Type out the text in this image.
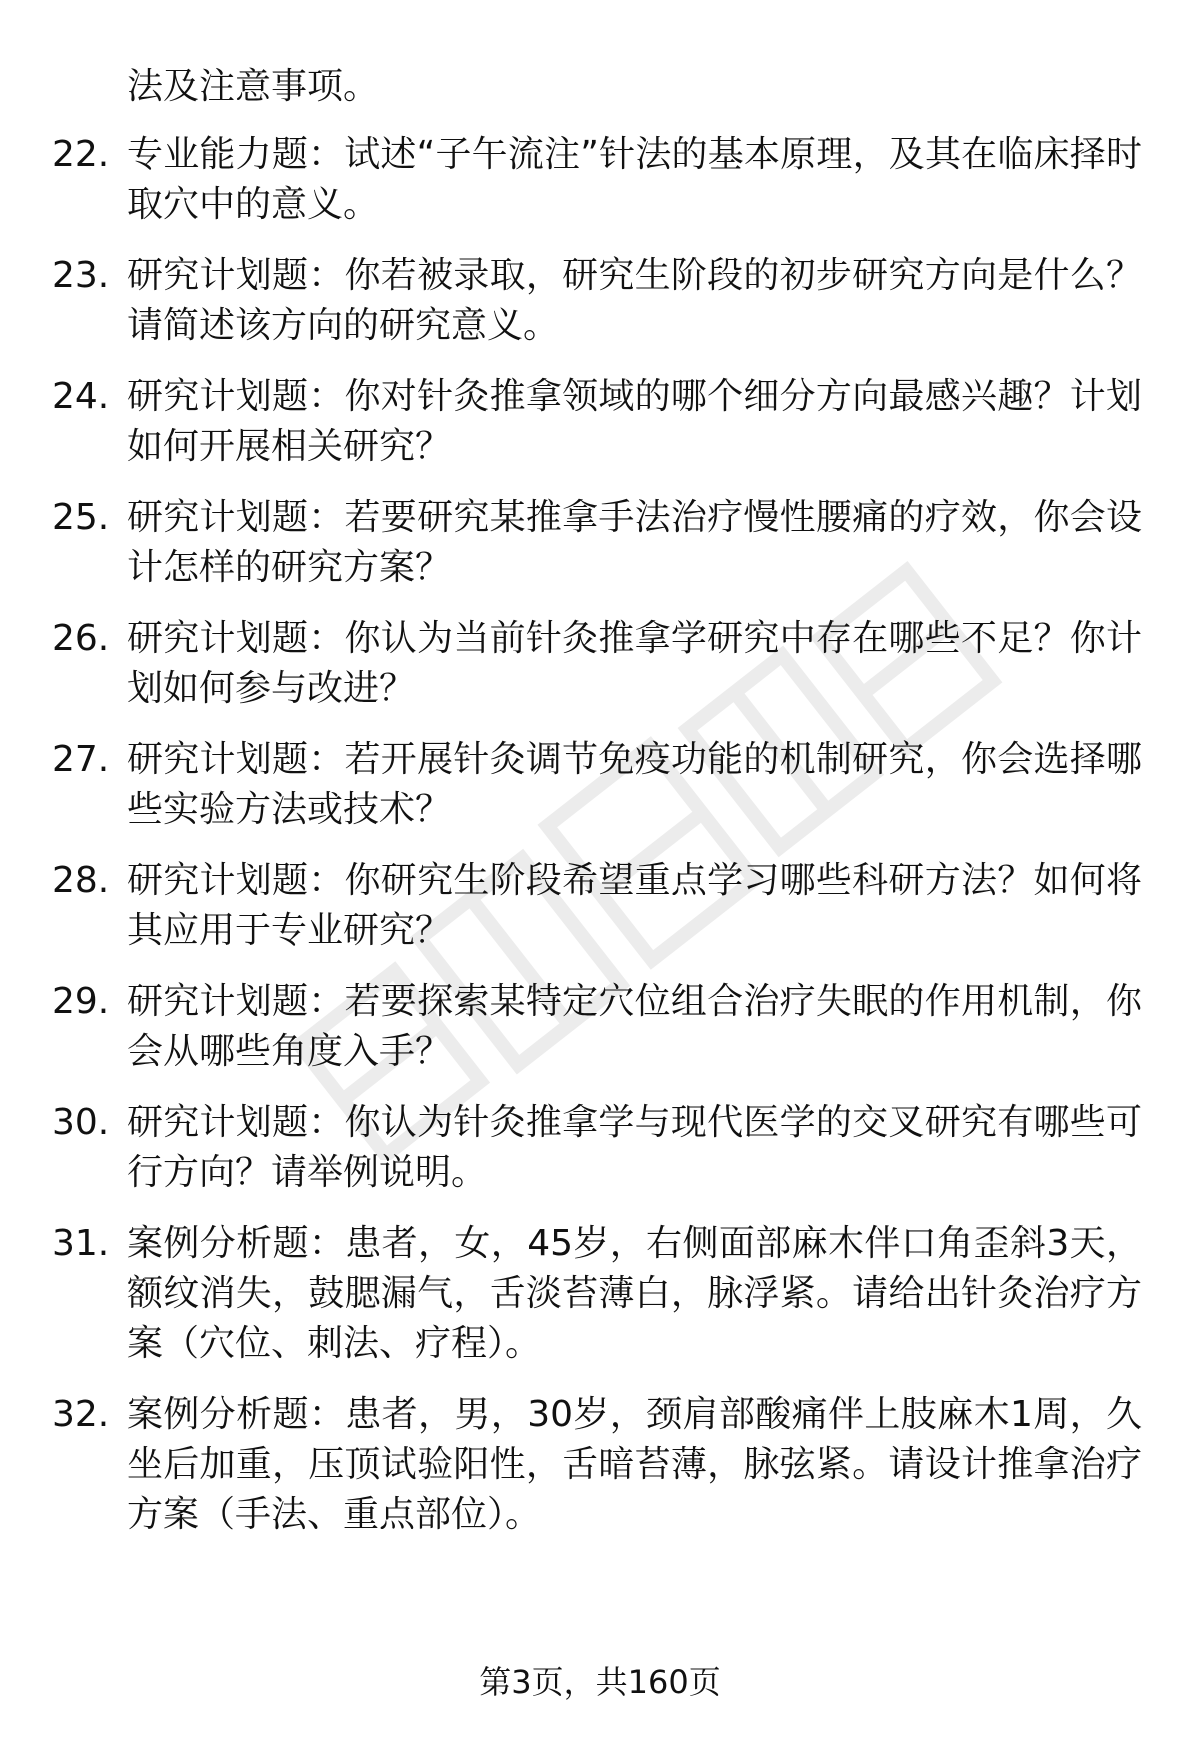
法及注意事项。
22. 专业能力题：试述“子午流注”针法的基本原理，及其在临床择时取穴中的意义。
23. 研究计划题：你若被录取，研究生阶段的初步研究方向是什么？请简述该方向的研究意义。
24. 研究计划题：你对针灸推拿领域的哪个细分方向最感兴趣？计划如何开展相关研究？
25. 研究计划题：若要研究某推拿手法治疗慢性腰痛的疗效，你会设计怎样的研究方案？
26. 研究计划题：你认为当前针灸推拿学研究中存在哪些不足？你计划如何参与改进？
27. 研究计划题：若开展针灸调节免疫功能的机制研究，你会选择哪些实验方法或技术？
28. 研究计划题：你研究生阶段希望重点学习哪些科研方法？如何将其应用于专业研究？
29. 研究计划题：若要探索某特定穴位组合治疗失眠的作用机制，你会从哪些角度入手？
30. 研究计划题：你认为针灸推拿学与现代医学的交叉研究有哪些可行方向？请举例说明。
31. 案例分析题：患者，女，45岁，右侧面部麻木伴口角歪斜3天，额纹消失，鼓腮漏气，舌淡苔薄白，脉浮紧。请给出针灸治疗方案（穴位、刺法、疗程）。
32. 案例分析题：患者，男，30岁，颈肩部酸痛伴上肢麻木1周，久坐后加重，压顶试验阳性，舌暗苔薄，脉弦紧。请设计推拿治疗方案（手法、重点部位）。
第3页，共160页
